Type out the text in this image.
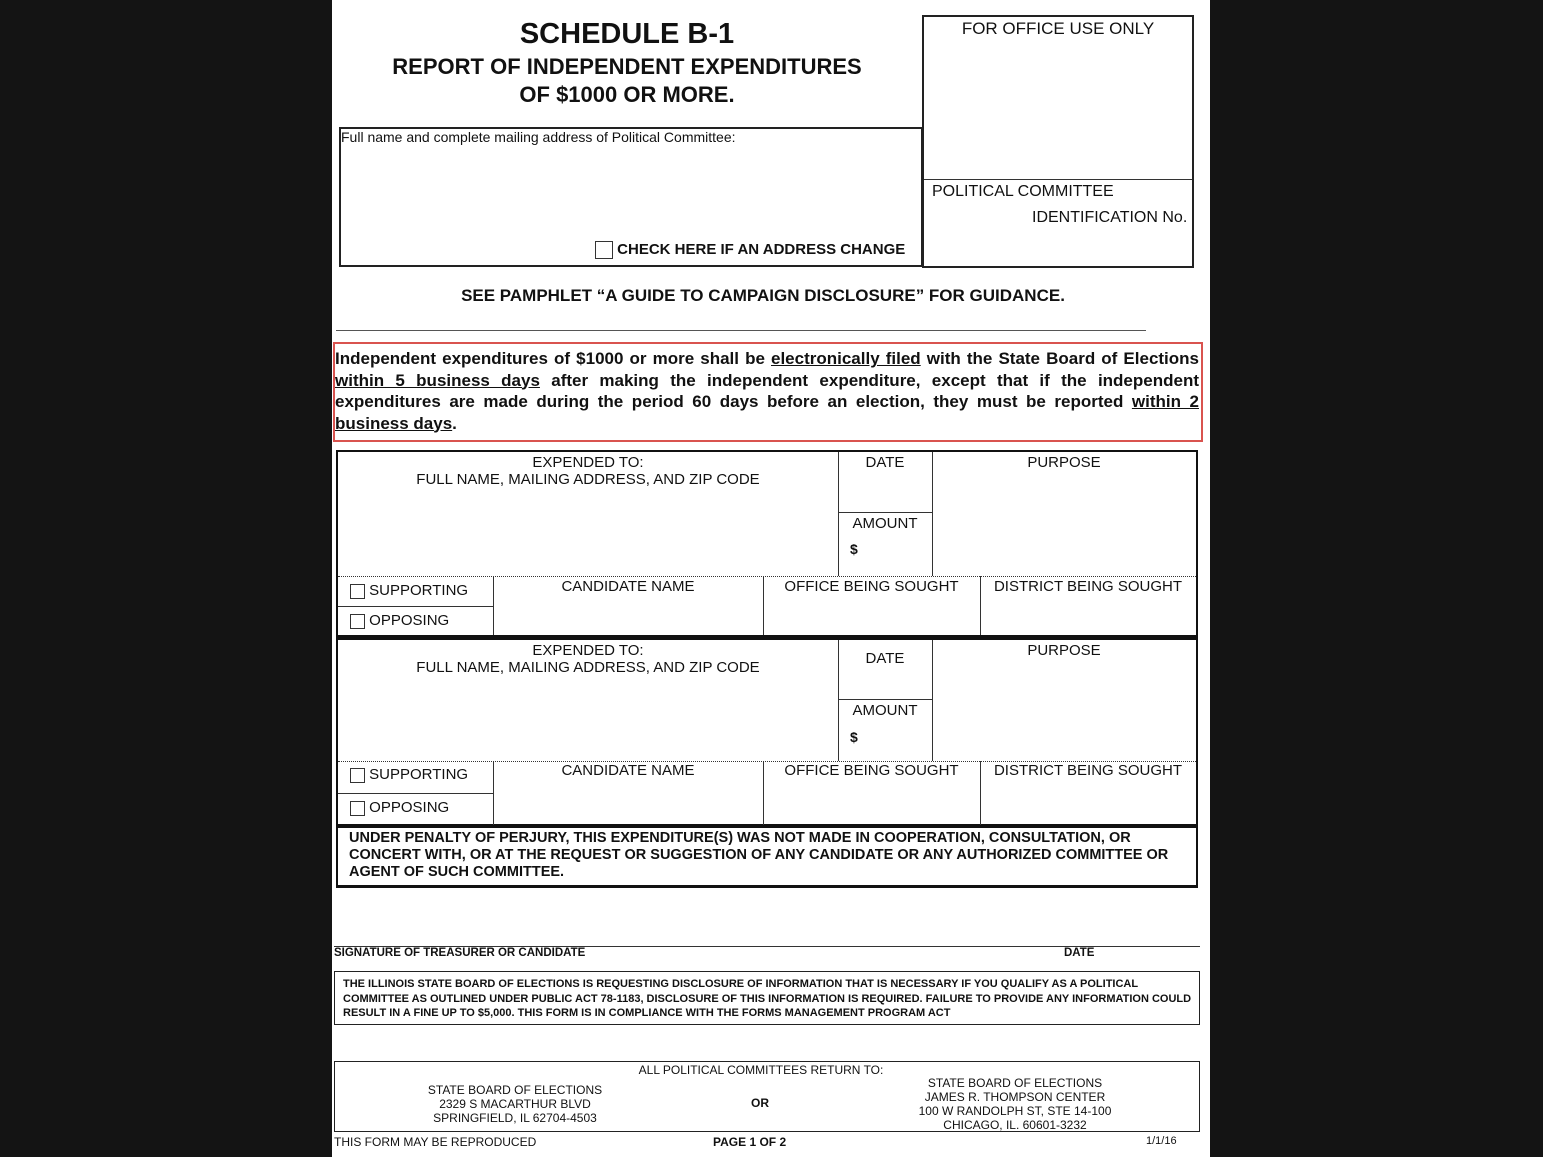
SCHEDULE B-1
REPORT OF INDEPENDENT EXPENDITURES
OF $1000 OR MORE.
FOR OFFICE USE ONLY
POLITICAL COMMITTEE
IDENTIFICATION No.
Full name and complete mailing address of Political Committee:
CHECK HERE IF AN ADDRESS CHANGE
SEE PAMPHLET “A GUIDE TO CAMPAIGN DISCLOSURE” FOR GUIDANCE.
Independent expenditures of $1000 or more shall be electronically filed with the State Board of Elections within 5 business days after making the independent expenditure, except that if the independent expenditures are made during the period 60 days before an election, they must be reported within 2 business days.
EXPENDED TO:
FULL NAME, MAILING ADDRESS, AND ZIP CODE
DATE
AMOUNT
$
PURPOSE
SUPPORTING
OPPOSING
CANDIDATE NAME	OFFICE BEING SOUGHT	DISTRICT BEING SOUGHT
EXPENDED TO:
FULL NAME, MAILING ADDRESS, AND ZIP CODE
DATE
AMOUNT
$
PURPOSE
SUPPORTING
OPPOSING
CANDIDATE NAME	OFFICE BEING SOUGHT	DISTRICT BEING SOUGHT
UNDER PENALTY OF PERJURY, THIS EXPENDITURE(S) WAS NOT MADE IN COOPERATION, CONSULTATION, OR CONCERT WITH, OR AT THE REQUEST OR SUGGESTION OF ANY CANDIDATE OR ANY AUTHORIZED COMMITTEE OR AGENT OF SUCH COMMITTEE.
SIGNATURE OF TREASURER OR CANDIDATE	DATE
THE ILLINOIS STATE BOARD OF ELECTIONS IS REQUESTING DISCLOSURE OF INFORMATION THAT IS NECESSARY IF YOU QUALIFY AS A POLITICAL COMMITTEE AS OUTLINED UNDER PUBLIC ACT 78-1183, DISCLOSURE OF THIS INFORMATION IS REQUIRED. FAILURE TO PROVIDE ANY INFORMATION COULD RESULT IN A FINE UP TO $5,000. THIS FORM IS IN COMPLIANCE WITH THE FORMS MANAGEMENT PROGRAM ACT
ALL POLITICAL COMMITTEES RETURN TO:
STATE BOARD OF ELECTIONS
2329 S MACARTHUR BLVD
SPRINGFIELD, IL 62704-4503
OR
STATE BOARD OF ELECTIONS
JAMES R. THOMPSON CENTER
100 W RANDOLPH ST, STE 14-100
CHICAGO, IL. 60601-3232
THIS FORM MAY BE REPRODUCED	PAGE 1 OF 2	1/1/16
